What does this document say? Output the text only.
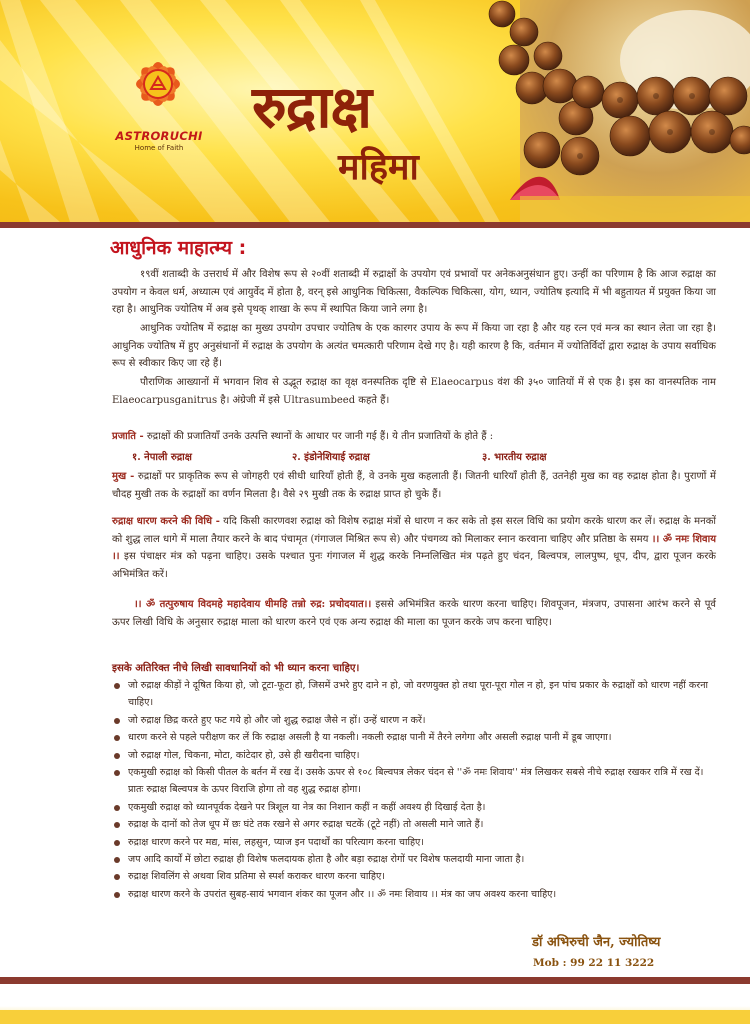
ASTRORUCHI
Home of Faith
रुद्राक्ष
महिमा
आधुनिक माहात्म्य :
१९वीं शताब्दी के उत्तरार्ध में और विशेष रूप से २०वीं शताब्दी में रुद्राक्षों के उपयोग एवं प्रभावों पर अनेकअनुसंधान हुए। उन्हीं का परिणाम है कि आज रुद्राक्ष का उपयोग न केवल धर्म, अध्यात्म एवं आयुर्वेद में होता है, वरन् इसे आधुनिक चिकित्सा, वैकल्पिक चिकित्सा, योग, ध्यान, ज्योतिष इत्यादि में भी बहुतायत में प्रयुक्त किया जा रहा है। आधुनिक ज्योतिष में अब इसे पृथक् शाखा के रूप में स्थापित किया जाने लगा है।
आधुनिक ज्योतिष में रुद्राक्ष का मुख्य उपयोग उपचार ज्योतिष के एक कारगर उपाय के रूप में किया जा रहा है और यह रत्न एवं मन्त्र का स्थान लेता जा रहा है। आधुनिक ज्योतिष में हुए अनुसंधानों में रुद्राक्ष के उपयोग के अत्यंत चमत्कारी परिणाम देखे गए है। यही कारण है कि, वर्तमान में ज्योतिर्विदों द्वारा रुद्राक्ष के उपाय सर्वाधिक रूप से स्वीकार किए जा रहे हैं।
पौराणिक आख्यानों में भगवान शिव से उद्भूत रुद्राक्ष का वृक्ष वनस्पतिक दृष्टि से Elaeocarpus वंश की ३५० जातियों में से एक है। इस का वानस्पतिक नाम Elaeocarpusganitrus है। अंग्रेजी में इसे Ultrasumbeed कहते हैं।
प्रजाति - रुद्राक्षों की प्रजातियाँ उनके उत्पत्ति स्थानों के आधार पर जानी गई हैं। ये तीन प्रजातियों के होते हैं :
१. नेपाली रुद्राक्ष	२. इंडोनेशियाई रुद्राक्ष	३. भारतीय रुद्राक्ष
मुख - रुद्राक्षों पर प्राकृतिक रूप से जोगहरी एवं सीधी धारियाँ होती हैं, वे उनके मुख कहलाती हैं। जितनी धारियाँ होती हैं, उतनेही मुख का वह रुद्राक्ष होता है। पुराणों में चौदह मुखी तक के रुद्राक्षों का वर्णन मिलता है। वैसे २९ मुखी तक के रुद्राक्ष प्राप्त हो चुके हैं।
रुद्राक्ष धारण करने की विधि - यदि किसी कारणवश रुद्राक्ष को विशेष रुद्राक्ष मंत्रों से धारण न कर सके तो इस सरल विधि का प्रयोग करके धारण कर लें। रुद्राक्ष के मनकों को शुद्ध लाल धागे में माला तैयार करने के बाद पंचामृत (गंगाजल मिश्रित रूप से) और पंचगव्य को मिलाकर स्नान करवाना चाहिए और प्रतिष्ठा के समय ।। ॐ नमः शिवाय ।। इस पंचाक्षर मंत्र को पढ़ना चाहिए। उसके पश्चात पुनः गंगाजल में शुद्ध करके निम्नलिखित मंत्र पढ़ते हुए चंदन, बिल्वपत्र, लालपुष्प, धूप, दीप, द्वारा पूजन करके अभिमंत्रित करें।
।। ॐ तत्पुरुषाय विदमहे महादेवाय धीमहि तन्नो रुद्र: प्रचोदयात।। इससे अभिमंत्रित करके धारण करना चाहिए। शिवपूजन, मंत्रजप, उपासना आरंभ करने से पूर्व ऊपर लिखी विधि के अनुसार रुद्राक्ष माला को धारण करने एवं एक अन्य रुद्राक्ष की माला का पूजन करके जप करना चाहिए।
इसके अतिरिक्त नीचे लिखी सावधानियों को भी ध्यान करना चाहिए।
जो रुद्राक्ष कीड़ों ने दूषित किया हो, जो टूटा-फूटा हो, जिसमें उभरे हुए दाने न हो, जो वरणयुक्त हो तथा पूरा-पूरा गोल न हो, इन पांच प्रकार के रुद्राक्षों को धारण नहीं करना चाहिए।
जो रुद्राक्ष छिद्र करते हुए फट गये हो और जो शुद्ध रुद्राक्ष जैसे न हों। उन्हें धारण न करें।
धारण करने से पहले परीक्षण कर लें कि रुद्राक्ष असली है या नकली। नकली रुद्राक्ष पानी में तैरने लगेगा और असली रुद्राक्ष पानी में डूब जाएगा।
जो रुद्राक्ष गोल, चिकना, मोटा, कांटेदार हो, उसे ही खरीदना चाहिए।
एकमुखी रुद्राक्ष को किसी पीतल के बर्तन में रख दें। उसके ऊपर से १०८ बिल्वपत्र लेकर चंदन से ''ॐ नमः शिवाय'' मंत्र लिखकर सबसे नीचे रुद्राक्ष रखकर रात्रि में रख दें। प्रातः रुद्राक्ष बिल्वपत्र के ऊपर विराजि होगा तो वह शुद्ध रुद्राक्ष होगा।
एकमुखी रुद्राक्ष को ध्यानपूर्वक देखने पर त्रिशूल या नेत्र का निशान कहीं न कहीं अवश्य ही दिखाई देता है।
रुद्राक्ष के दानों को तेज धूप में छः घंटे तक रखने से अगर रुद्राक्ष चटकें (टूटे नहीं) तो असली माने जाते हैं।
रुद्राक्ष धारण करने पर मद्य, मांस, लहसुन, प्याज इन पदार्थों का परित्याग करना चाहिए।
जप आदि कार्यों में छोटा रुद्राक्ष ही विशेष फलदायक होता है और बड़ा रुद्राक्ष रोगों पर विशेष फलदायी माना जाता है।
रुद्राक्ष शिवलिंग से अथवा शिव प्रतिमा से स्पर्श कराकर धारण करना चाहिए।
रुद्राक्ष धारण करने के उपरांत सुबह-सायं भगवान शंकर का पूजन और ।। ॐ नमः शिवाय ।। मंत्र का जप अवश्य करना चाहिए।
डॉ अभिरुची जैन, ज्योतिष्य
Mob : 99 22 11 3222
